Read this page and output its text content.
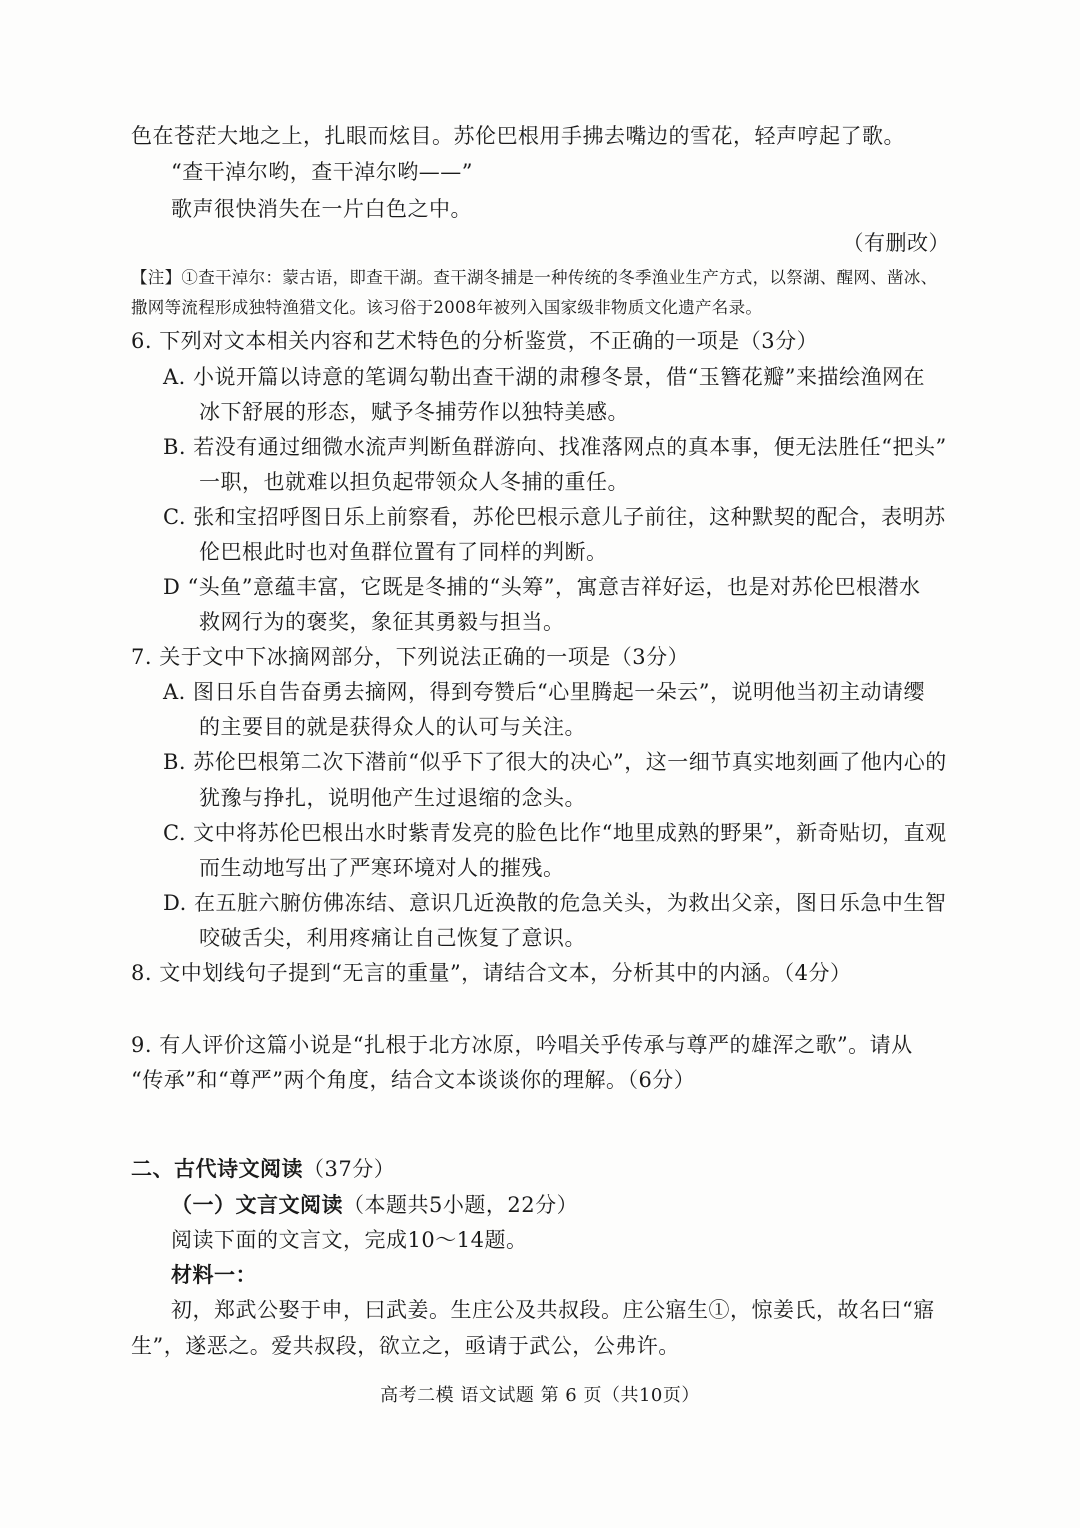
色在苍茫大地之上，扎眼而炫目。苏伦巴根用手拂去嘴边的雪花，轻声哼起了歌。
“查干淖尔哟，查干淖尔哟——”
歌声很快消失在一片白色之中。
（有删改）
【注】①查干淖尔：蒙古语，即查干湖。查干湖冬捕是一种传统的冬季渔业生产方式，以祭湖、醒网、凿冰、
撒网等流程形成独特渔猎文化。该习俗于2008年被列入国家级非物质文化遗产名录。
6. 下列对文本相关内容和艺术特色的分析鉴赏，不正确的一项是（3分）
A. 小说开篇以诗意的笔调勾勒出查干湖的肃穆冬景，借“玉簪花瓣”来描绘渔网在
冰下舒展的形态，赋予冬捕劳作以独特美感。
B. 若没有通过细微水流声判断鱼群游向、找准落网点的真本事，便无法胜任“把头”
一职，也就难以担负起带领众人冬捕的重任。
C. 张和宝招呼图日乐上前察看，苏伦巴根示意儿子前往，这种默契的配合，表明苏
伦巴根此时也对鱼群位置有了同样的判断。
D “头鱼”意蕴丰富，它既是冬捕的“头筹”，寓意吉祥好运，也是对苏伦巴根潜水
救网行为的褒奖，象征其勇毅与担当。
7. 关于文中下冰摘网部分，下列说法正确的一项是（3分）
A. 图日乐自告奋勇去摘网，得到夸赞后“心里腾起一朵云”，说明他当初主动请缨
的主要目的就是获得众人的认可与关注。
B. 苏伦巴根第二次下潜前“似乎下了很大的决心”，这一细节真实地刻画了他内心的
犹豫与挣扎，说明他产生过退缩的念头。
C. 文中将苏伦巴根出水时紫青发亮的脸色比作“地里成熟的野果”，新奇贴切，直观
而生动地写出了严寒环境对人的摧残。
D. 在五脏六腑仿佛冻结、意识几近涣散的危急关头，为救出父亲，图日乐急中生智
咬破舌尖，利用疼痛让自己恢复了意识。
8. 文中划线句子提到“无言的重量”，请结合文本，分析其中的内涵。（4分）
9. 有人评价这篇小说是“扎根于北方冰原，吟唱关乎传承与尊严的雄浑之歌”。请从
“传承”和“尊严”两个角度，结合文本谈谈你的理解。（6分）
二、古代诗文阅读（37分）
（一）文言文阅读（本题共5小题，22分）
阅读下面的文言文，完成10～14题。
材料一：
初，郑武公娶于申，曰武姜。生庄公及共叔段。庄公寤生①，惊姜氏，故名曰“寤
生”，遂恶之。爱共叔段，欲立之，亟请于武公，公弗许。
高考二模 语文试题 第 6 页（共10页）
